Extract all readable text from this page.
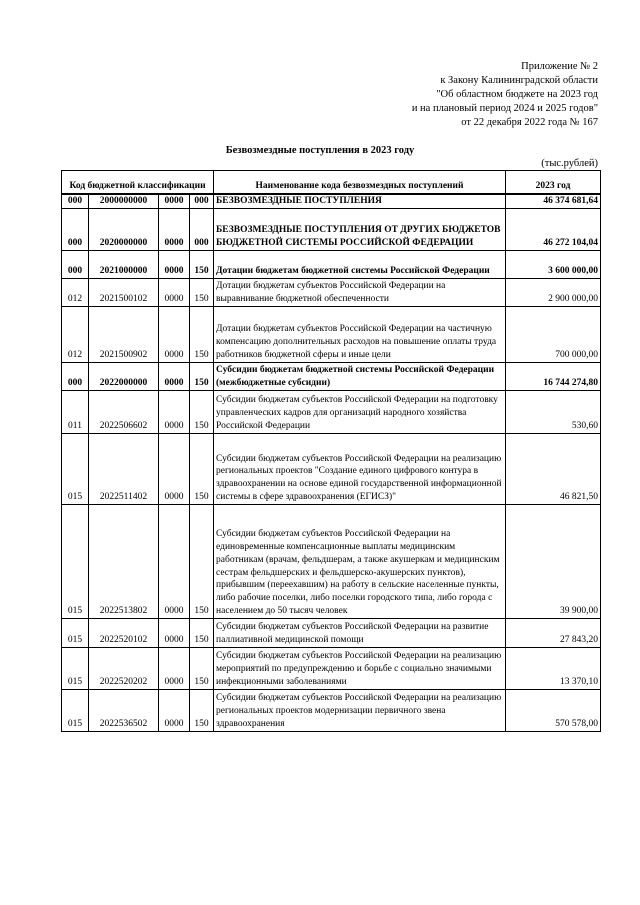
Приложение № 2
к Закону Калининградской области
"Об областном бюджете на 2023 год
и на плановый период 2024 и 2025 годов"
от 22 декабря 2022 года № 167
Безвозмездные поступления в 2023 году
(тыс.рублей)
Код бюджетной классификации				Наименование кода безвозмездных поступлений	2023 год
000	2000000000	0000	000	БЕЗВОЗМЕЗДНЫЕ ПОСТУПЛЕНИЯ	46 374 681,64
000	2020000000	0000	000	БЕЗВОЗМЕЗДНЫЕ ПОСТУПЛЕНИЯ ОТ ДРУГИХ БЮДЖЕТОВ БЮДЖЕТНОЙ СИСТЕМЫ РОССИЙСКОЙ ФЕДЕРАЦИИ	46 272 104,04
000	2021000000	0000	150	Дотации бюджетам бюджетной системы Российской Федерации	3 600 000,00
012	2021500102	0000	150	Дотации бюджетам субъектов Российской Федерации на выравнивание бюджетной обеспеченности	2 900 000,00
012	2021500902	0000	150	Дотации бюджетам субъектов Российской Федерации на частичную компенсацию дополнительных расходов на повышение оплаты труда работников бюджетной сферы и иные цели	700 000,00
000	2022000000	0000	150	Субсидии бюджетам бюджетной системы Российской Федерации (межбюджетные субсидии)	16 744 274,80
011	2022506602	0000	150	Субсидии бюджетам субъектов Российской Федерации на подготовку управленческих кадров для организаций народного хозяйства Российской Федерации	530,60
015	2022511402	0000	150	Субсидии бюджетам субъектов Российской Федерации на реализацию региональных проектов "Создание единого цифрового контура в здравоохранении на основе единой государственной информационной системы в сфере здравоохранения (ЕГИСЗ)"	46 821,50
015	2022513802	0000	150	Субсидии бюджетам субъектов Российской Федерации на единовременные компенсационные выплаты медицинским работникам (врачам, фельдшерам, а также акушеркам и медицинским сестрам фельдшерских и фельдшерско-акушерских пунктов), прибывшим (переехавшим) на работу в сельские населенные пункты, либо рабочие поселки, либо поселки городского типа, либо города с населением до 50 тысяч человек	39 900,00
015	2022520102	0000	150	Субсидии бюджетам субъектов Российской Федерации на развитие паллиативной медицинской помощи	27 843,20
015	2022520202	0000	150	Субсидии бюджетам субъектов Российской Федерации на реализацию мероприятий по предупреждению и борьбе с социально значимыми инфекционными заболеваниями	13 370,10
015	2022536502	0000	150	Субсидии бюджетам субъектов Российской Федерации на реализацию региональных проектов модернизации первичного звена здравоохранения	570 578,00
